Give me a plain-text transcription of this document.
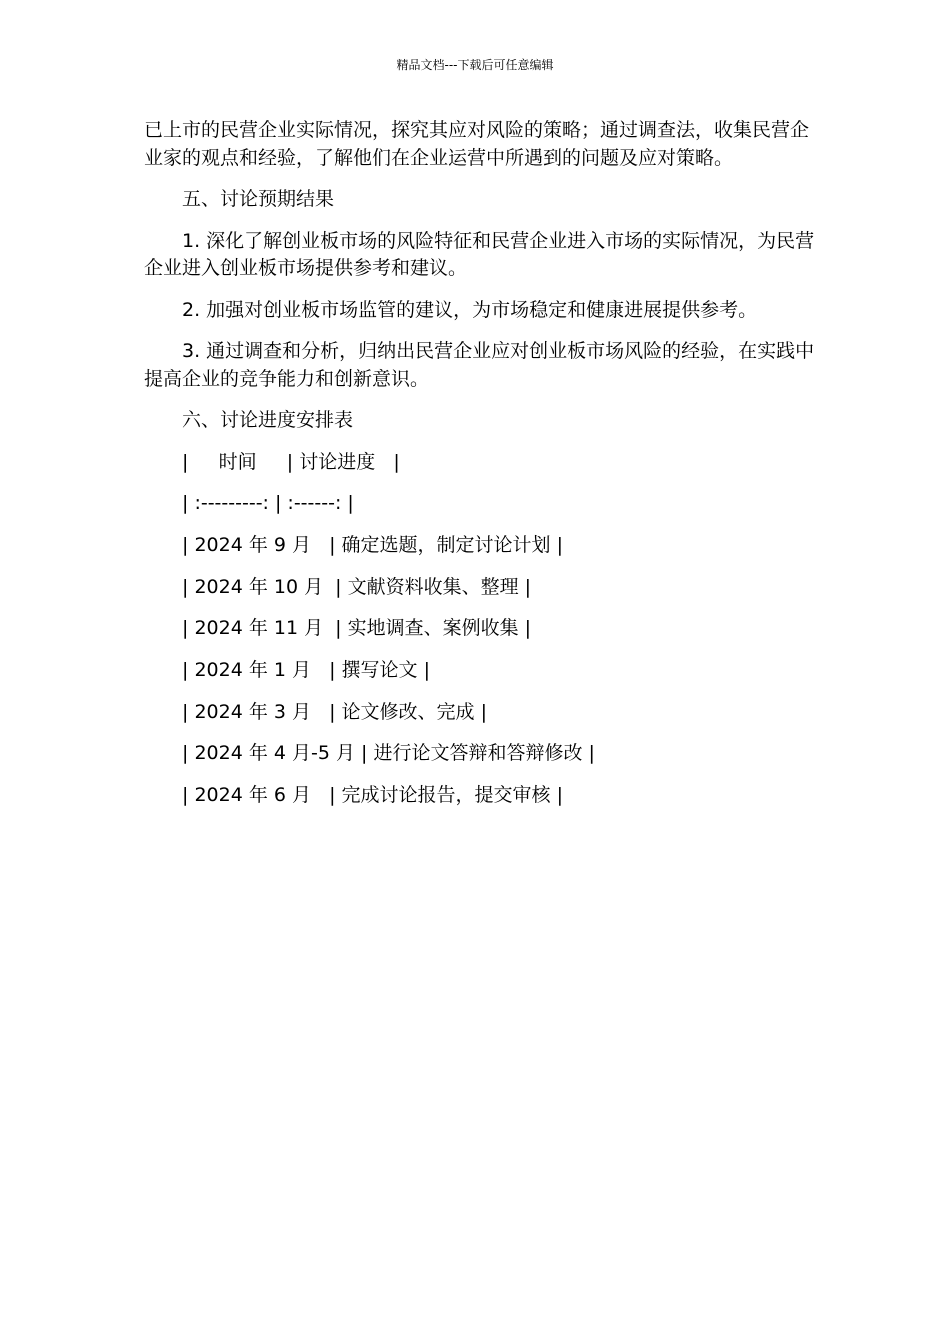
精品文档---下载后可任意编辑

已上市的民营企业实际情况，探究其应对风险的策略；通过调查法，收集民营企业家的观点和经验，了解他们在企业运营中所遇到的问题及应对策略。

五、讨论预期结果

1. 深化了解创业板市场的风险特征和民营企业进入市场的实际情况，为民营企业进入创业板市场提供参考和建议。

2. 加强对创业板市场监管的建议，为市场稳定和健康进展提供参考。

3. 通过调查和分析，归纳出民营企业应对创业板市场风险的经验，在实践中提高企业的竞争能力和创新意识。

六、讨论进度安排表

|     时间     | 讨论进度   |

| :---------: | :------: |

| 2024 年 9 月   | 确定选题，制定讨论计划 |

| 2024 年 10 月  | 文献资料收集、整理 |

| 2024 年 11 月  | 实地调查、案例收集 |

| 2024 年 1 月   | 撰写论文 |

| 2024 年 3 月   | 论文修改、完成 |

| 2024 年 4 月-5 月 | 进行论文答辩和答辩修改 |

| 2024 年 6 月   | 完成讨论报告，提交审核 |
